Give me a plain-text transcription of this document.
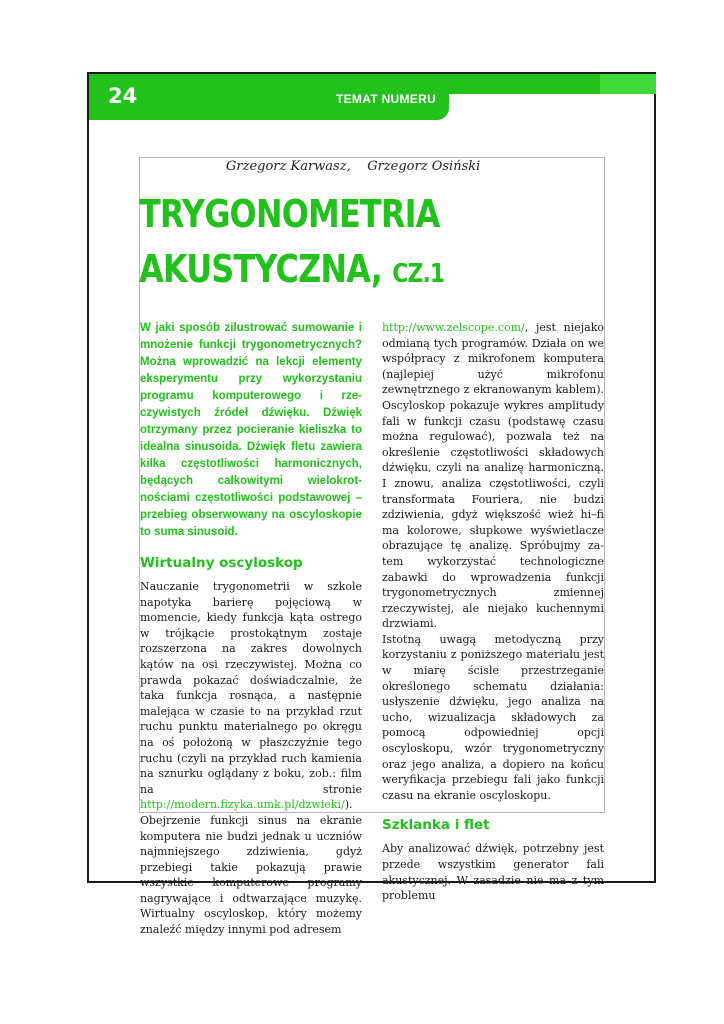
24	TEMAT NUMERU
Grzegorz Karwasz,    Grzegorz Osiński
TRYGONOMETRIA
AKUSTYCZNA, CZ.1

W jaki sposób zilustrować sumowanie i mnożenie funkcji trygonometrycznych? Można wprowadzić na lekcji elementy eksperymentu przy wykorzystaniu programu komputerowego i rzeczywistych źródeł dźwięku. Dźwięk otrzymany przez pocieranie kieliszka to idealna sinusoida. Dźwięk fletu zawiera kilka częstotliwości harmonicznych, będących całkowitymi wielokrotnościami częstotliwości podstawowej – przebieg obserwowany na oscyloskopie to suma sinusoid.

Wirtualny oscyloskop

Nauczanie trygonometrii w szkole napotyka barierę pojęciową w momencie, kiedy funkcja kąta ostrego w trójkącie prostokątnym zostaje rozszerzona na zakres dowolnych kątów na osi rzeczywistej. Można co prawda pokazać doświadczalnie, że taka funkcja rosnąca, a następnie malejąca w czasie to na przykład rzut ruchu punktu materialnego po okręgu na oś położoną w płaszczyźnie tego ruchu (czyli na przykład ruch kamienia na sznurku oglądany z boku, zob.: film na stronie http://modern.fizyka.umk.pl/dzwieki/).

Obejrzenie funkcji sinus na ekranie komputera nie budzi jednak u uczniów najmniejszego zdziwienia, gdyż przebiegi takie pokazują prawie wszystkie komputerowe programy nagrywające i odtwarzające muzykę. Wirtualny oscyloskop, który możemy znaleźć między innymi pod adresem

http://www.zelscope.com/, jest niejako odmianą tych programów. Działa on we współpracy z mikrofonem komputera (najlepiej użyć mikrofonu zewnętrznego z ekranowanym kablem). Oscyloskop pokazuje wykres amplitudy fali w funkcji czasu (podstawę czasu można regulować), pozwala też na określenie częstotliwości składowych dźwięku, czyli na analizę harmoniczną. I znowu, analiza częstotliwości, czyli transformata Fouriera, nie budzi zdziwienia, gdyż większość wież hi–fi ma kolorowe, słupkowe wyświetlacze obrazujące tę analizę. Spróbujmy zatem wykorzystać technologiczne zabawki do wprowadzenia funkcji trygonometrycznych zmiennej rzeczywistej, ale niejako kuchennymi drzwiami.

Istotną uwagą metodyczną przy korzystaniu z poniższego materiału jest w miarę ścisłe przestrzeganie określonego schematu działania: usłyszenie dźwięku, jego analiza na ucho, wizualizacja składowych za pomocą odpowiedniej opcji oscyloskopu, wzór trygonometryczny oraz jego analiza, a dopiero na końcu weryfikacja przebiegu fali jako funkcji czasu na ekranie oscyloskopu.

Szklanka i flet

Aby analizować dźwięk, potrzebny jest przede wszystkim generator fali akustycznej. W zasadzie nie ma z tym problemu
